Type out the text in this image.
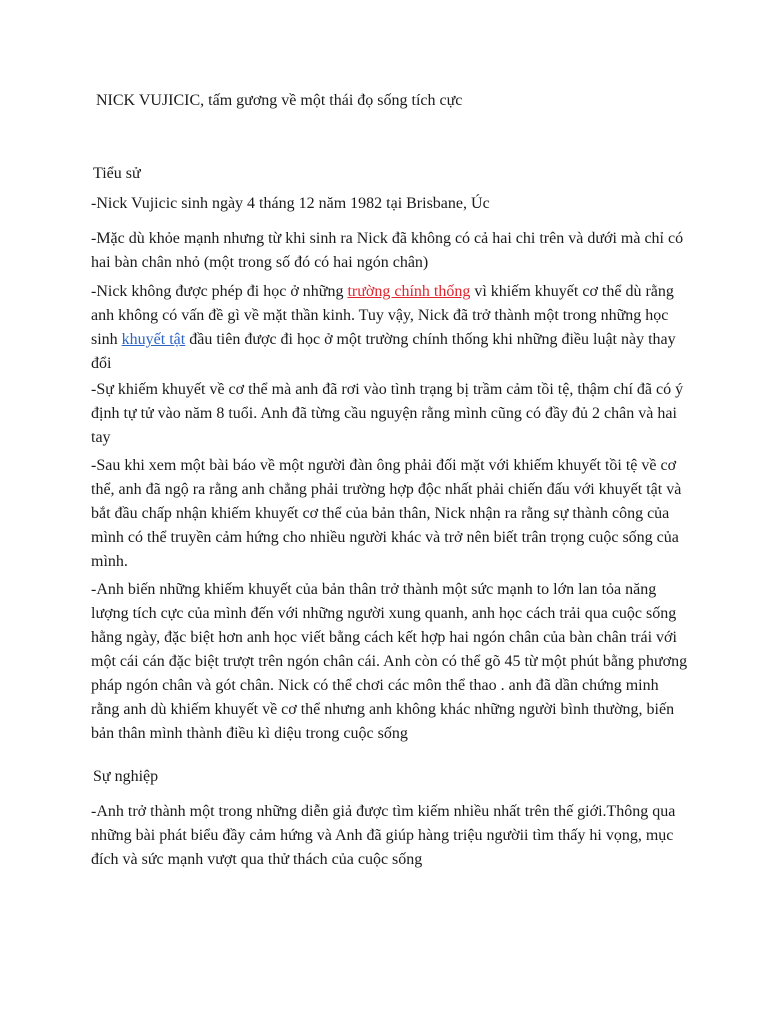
NICK VUJICIC, tấm gương về một thái đọ sống tích cực
Tiểu sử

-Nick Vujicic sinh ngày 4 tháng 12 năm 1982 tại Brisbane, Úc

-Mặc dù khỏe mạnh nhưng từ khi sinh ra Nick đã không có cả hai chi trên và dưới mà chỉ có hai bàn chân nhỏ (một trong số đó có hai ngón chân)

-Nick không được phép đi học ở những trường chính thống vì khiếm khuyết cơ thể dù rằng anh không có vấn đề gì về mặt thần kinh. Tuy vậy, Nick đã trở thành một trong những học sinh khuyết tật đầu tiên được đi học ở một trường chính thống khi những điều luật này thay đổi

-Sự khiếm khuyết về cơ thể mà anh đã rơi vào tình trạng bị trầm cảm tồi tệ, thậm chí đã có ý định tự tử vào năm 8 tuổi. Anh đã từng cầu nguyện rằng mình cũng có đầy đủ 2 chân và hai tay

-Sau khi xem một bài báo về một người đàn ông phải đối mặt với khiếm khuyết tồi tệ về cơ thể, anh đã ngộ ra rằng anh chẳng phải trường hợp độc nhất phải chiến đấu với khuyết tật và bắt đầu chấp nhận khiếm khuyết cơ thể của bản thân, Nick nhận ra rằng sự thành công của mình có thể truyền cảm hứng cho nhiều người khác và trở nên biết trân trọng cuộc sống của mình.

-Anh biến những khiếm khuyết của bản thân trở thành một sức mạnh to lớn lan tỏa năng lượng tích cực của mình đến với những người xung quanh, anh học cách trải qua cuộc sống hằng ngày, đặc biệt hơn anh học viết bằng cách kết hợp hai ngón chân của bàn chân trái với một cái cán đặc biệt trượt trên ngón chân cái. Anh còn có thể gõ 45 từ một phút bằng phương pháp ngón chân và gót chân. Nick có thể chơi các môn thể thao . anh đã dần chứng minh rằng anh dù khiếm khuyết về cơ thể nhưng anh không khác những người bình thường, biến bản thân mình thành điều kì diệu trong cuộc sống

Sự nghiệp

-Anh trở thành một trong những diễn giả được tìm kiếm nhiều nhất trên thế giới.Thông qua những bài phát biểu đầy cảm hứng và Anh đã giúp hàng triệu ngườii tìm thấy hi vọng, mục đích và sức mạnh vượt qua thử thách của cuộc sống
